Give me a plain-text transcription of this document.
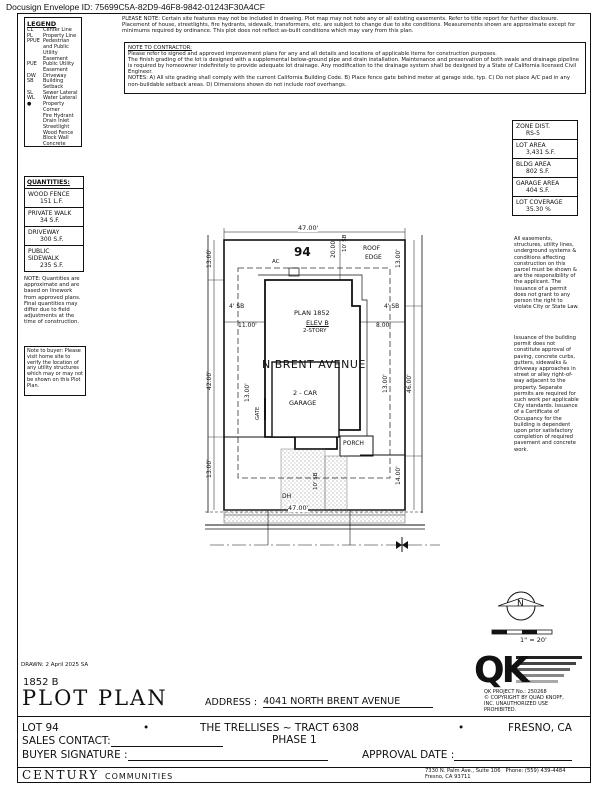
Docusign Envelope ID: 75699C5A-82D9-46F8-9842-01243F30A4CF
LEGEND
CL	Center Line
PL	Property Line
PPUE Pedestrian and Public Utility Easement
PUE	Public Utility Easement
DW	Driveway
SB	Building Setback
SL	Sewer Lateral
WL	Water Lateral
●	Property Corner
Fire Hydrant
Drain Inlet
Streetlight
Wood Fence
Block Wall
Concrete
PLEASE NOTE: Certain site features may not be included in drawing. Plot map may not note any or all existing easements. Refer to title report for further disclosure. Placement of house, streetlights, fire hydrants, sidewalk, transformers, etc. are subject to change due to site conditions. Measurements shown are approximate except for minimums required by ordinance. This plot does not reflect as-built conditions which may vary from this plan.
NOTE TO CONTRACTOR:
Please refer to signed and approved improvement plans for any and all details and locations of applicable items for construction purposes.
The finish grading of the lot is designed with a supplemental below-ground pipe and drain installation. Maintenance and preservation of both swale and drainage pipeline is required by homeowner indefinitely to provide adequate lot drainage. Any modification to the drainage system shall be designed by a State of California licensed Civil Engineer.
NOTES: A) All site grading shall comply with the current California Building Code. B) Place fence gate behind meter at garage side, typ. C) Do not place A/C pad in any non-buildable setback areas. D) Dimensions shown do not include roof overhangs.
QUANTITIES:
WOOD FENCE
151 L.F.
PRIVATE WALK
34 S.F.
DRIVEWAY
300 S.F.
PUBLIC SIDEWALK
235 S.F.
NOTE: Quantities are approximate and are based on linework from approved plans. Final quantities may differ due to field adjustments at the time of construction.
Note to buyer: Please visit home site to verify the location of any utility structures which may or may not be shown on this Plot Plan.
ZONE DIST.
RS-5
LOT AREA
3,431 S.F.
BLDG AREA
802 S.F.
GARAGE AREA
404 S.F.
LOT COVERAGE
35.30 %
All easements, structures, utility lines, underground systems & conditions affecting construction on this parcel must be shown & are the responsibility of the applicant. The issuance of a permit does not grant to any person the right to violate City or State Law.
Issuance of the building permit does not constitute approval of paving, concrete curbs, gutters, sidewalks & driveway approaches in street or alley right-of-way adjacent to the property. Separate permits are required for such work per applicable City standards. Issuance of a Certificate of Occupancy for the building is dependent upon prior satisfactory completion of required pavement and concrete work.
94
PLAN 1852
ELEV B
2-STORY
2 - CAR
GARAGE
PORCH
ROOF
EDGE
AC
GATE
DH
47.00'
47.00'
20.00' 10' SB
4' SB	4' SB
11.00'	8.00'
13.00'	13.00'
42.00'	46.00'
13.00'	13.00'
13.00'	14.00'
10' SB
N BRENT AVENUE
N
1" = 20'
DRAWN: 2 April 2025 SA
1852 B
PLOT PLAN	ADDRESS : 4041 NORTH BRENT AVENUE
QK
QK PROJECT No.: 250268
© COPYRIGHT BY QUAD KNOPF, INC. UNAUTHORIZED USE PROHIBITED.
LOT 94	•	THE TRELLISES ~ TRACT 6308	•	FRESNO, CA
SALES CONTACT:	PHASE 1
BUYER SIGNATURE :	APPROVAL DATE :
CENTURY COMMUNITIES
7330 N. Palm Ave., Suite 106 Phone: (559) 439-4484
Fresno, CA 93711
